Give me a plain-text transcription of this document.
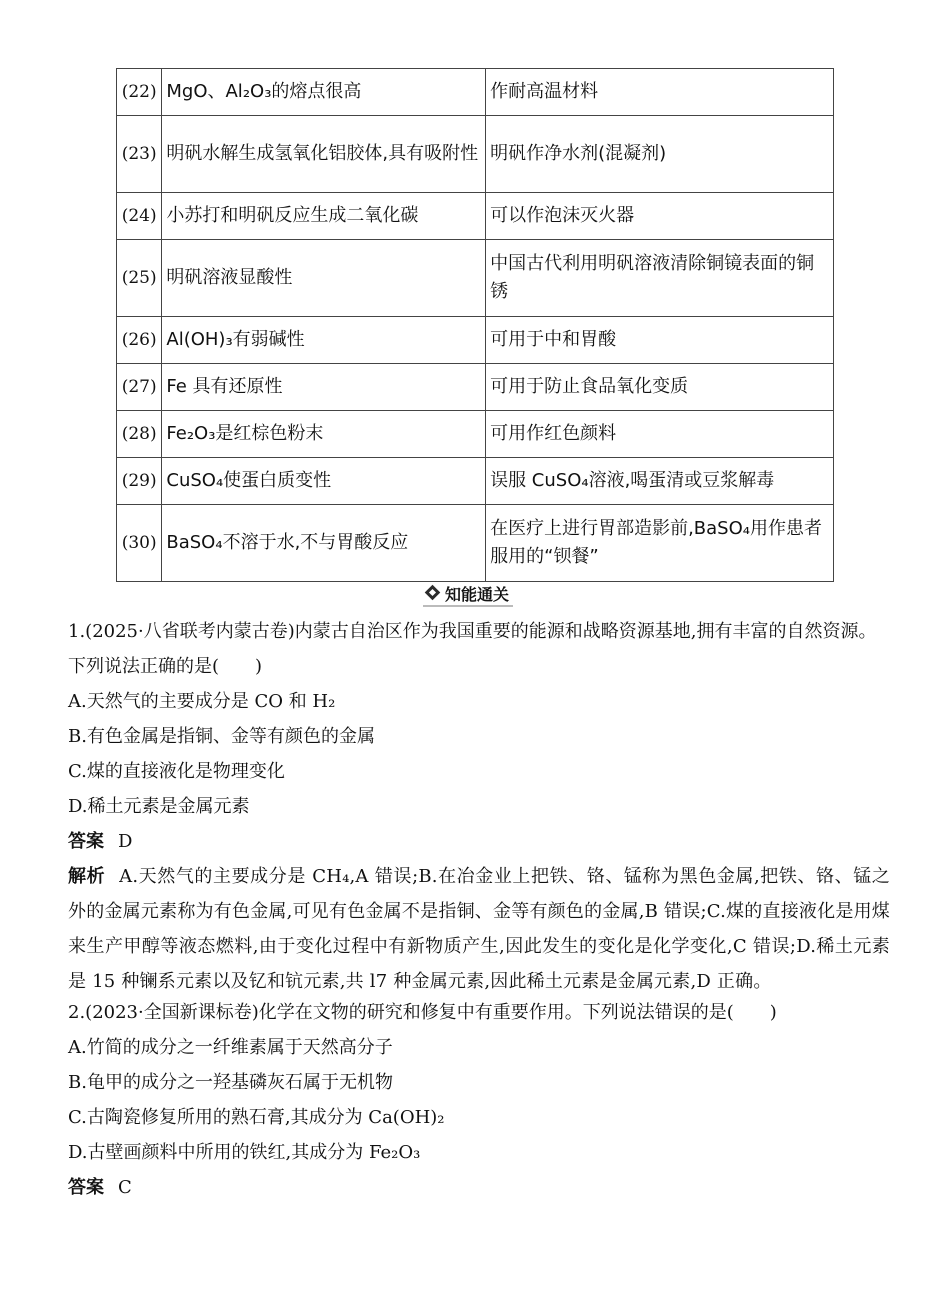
(22)	MgO、Al₂O₃的熔点很高	作耐高温材料
(23)	明矾水解生成氢氧化铝胶体,具有吸附性	明矾作净水剂(混凝剂)
(24)	小苏打和明矾反应生成二氧化碳	可以作泡沫灭火器
(25)	明矾溶液显酸性	中国古代利用明矾溶液清除铜镜表面的铜锈
(26)	Al(OH)₃有弱碱性	可用于中和胃酸
(27)	Fe 具有还原性	可用于防止食品氧化变质
(28)	Fe₂O₃是红棕色粉末	可用作红色颜料
(29)	CuSO₄使蛋白质变性	误服 CuSO₄溶液,喝蛋清或豆浆解毒
(30)	BaSO₄不溶于水,不与胃酸反应	在医疗上进行胃部造影前,BaSO₄用作患者服用的“钡餐”
知能通关

1.(2025·八省联考内蒙古卷)内蒙古自治区作为我国重要的能源和战略资源基地,拥有丰富的自然资源。下列说法正确的是(　　)

A.天然气的主要成分是 CO 和 H₂

B.有色金属是指铜、金等有颜色的金属

C.煤的直接液化是物理变化

D.稀土元素是金属元素

答案 D

解析 A.天然气的主要成分是 CH₄,A 错误;B.在冶金业上把铁、铬、锰称为黑色金属,把铁、铬、锰之外的金属元素称为有色金属,可见有色金属不是指铜、金等有颜色的金属,B 错误;C.煤的直接液化是用煤来生产甲醇等液态燃料,由于变化过程中有新物质产生,因此发生的变化是化学变化,C 错误;D.稀土元素是 15 种镧系元素以及钇和钪元素,共 l7 种金属元素,因此稀土元素是金属元素,D 正确。

2.(2023·全国新课标卷)化学在文物的研究和修复中有重要作用。下列说法错误的是(　　)

A.竹简的成分之一纤维素属于天然高分子

B.龟甲的成分之一羟基磷灰石属于无机物

C.古陶瓷修复所用的熟石膏,其成分为 Ca(OH)₂

D.古壁画颜料中所用的铁红,其成分为 Fe₂O₃

答案 C
